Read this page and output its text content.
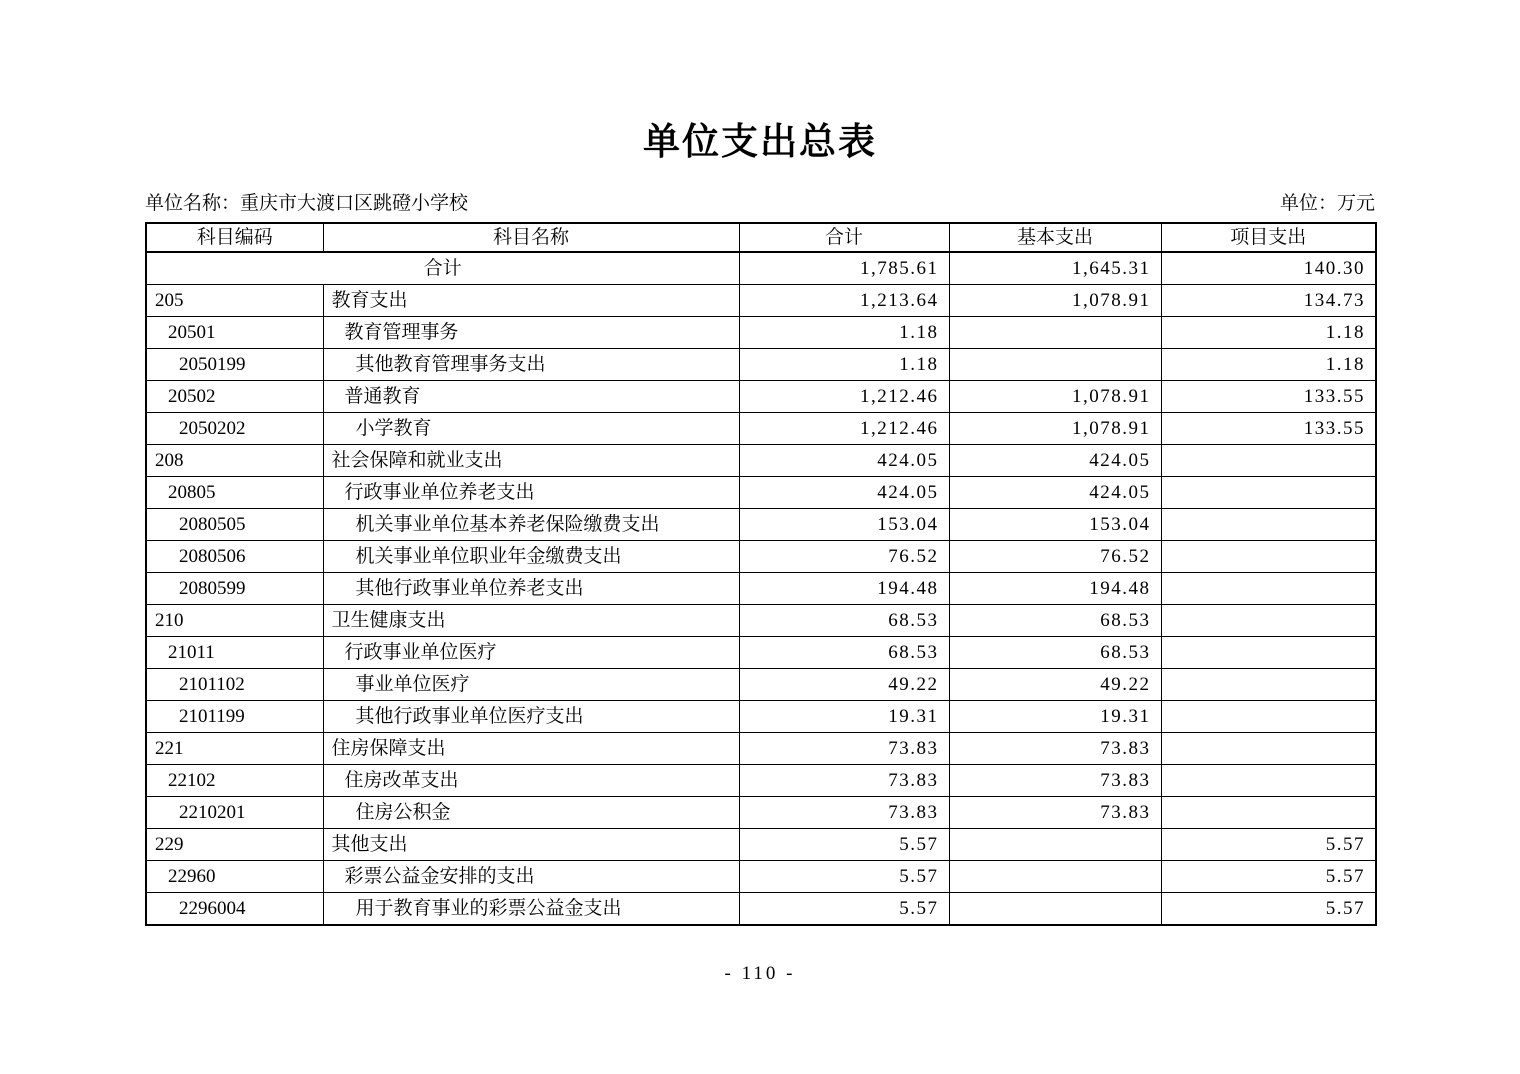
单位支出总表
单位名称：重庆市大渡口区跳磴小学校	单位：万元
科目编码	科目名称	合计	基本支出	项目支出
合计		1,785.61	1,645.31	140.30
205	教育支出	1,213.64	1,078.91	134.73
20501	教育管理事务	1.18		1.18
2050199	其他教育管理事务支出	1.18		1.18
20502	普通教育	1,212.46	1,078.91	133.55
2050202	小学教育	1,212.46	1,078.91	133.55
208	社会保障和就业支出	424.05	424.05	
20805	行政事业单位养老支出	424.05	424.05	
2080505	机关事业单位基本养老保险缴费支出	153.04	153.04	
2080506	机关事业单位职业年金缴费支出	76.52	76.52	
2080599	其他行政事业单位养老支出	194.48	194.48	
210	卫生健康支出	68.53	68.53	
21011	行政事业单位医疗	68.53	68.53	
2101102	事业单位医疗	49.22	49.22	
2101199	其他行政事业单位医疗支出	19.31	19.31	
221	住房保障支出	73.83	73.83	
22102	住房改革支出	73.83	73.83	
2210201	住房公积金	73.83	73.83	
229	其他支出	5.57		5.57
22960	彩票公益金安排的支出	5.57		5.57
2296004	用于教育事业的彩票公益金支出	5.57		5.57
- 110 -
